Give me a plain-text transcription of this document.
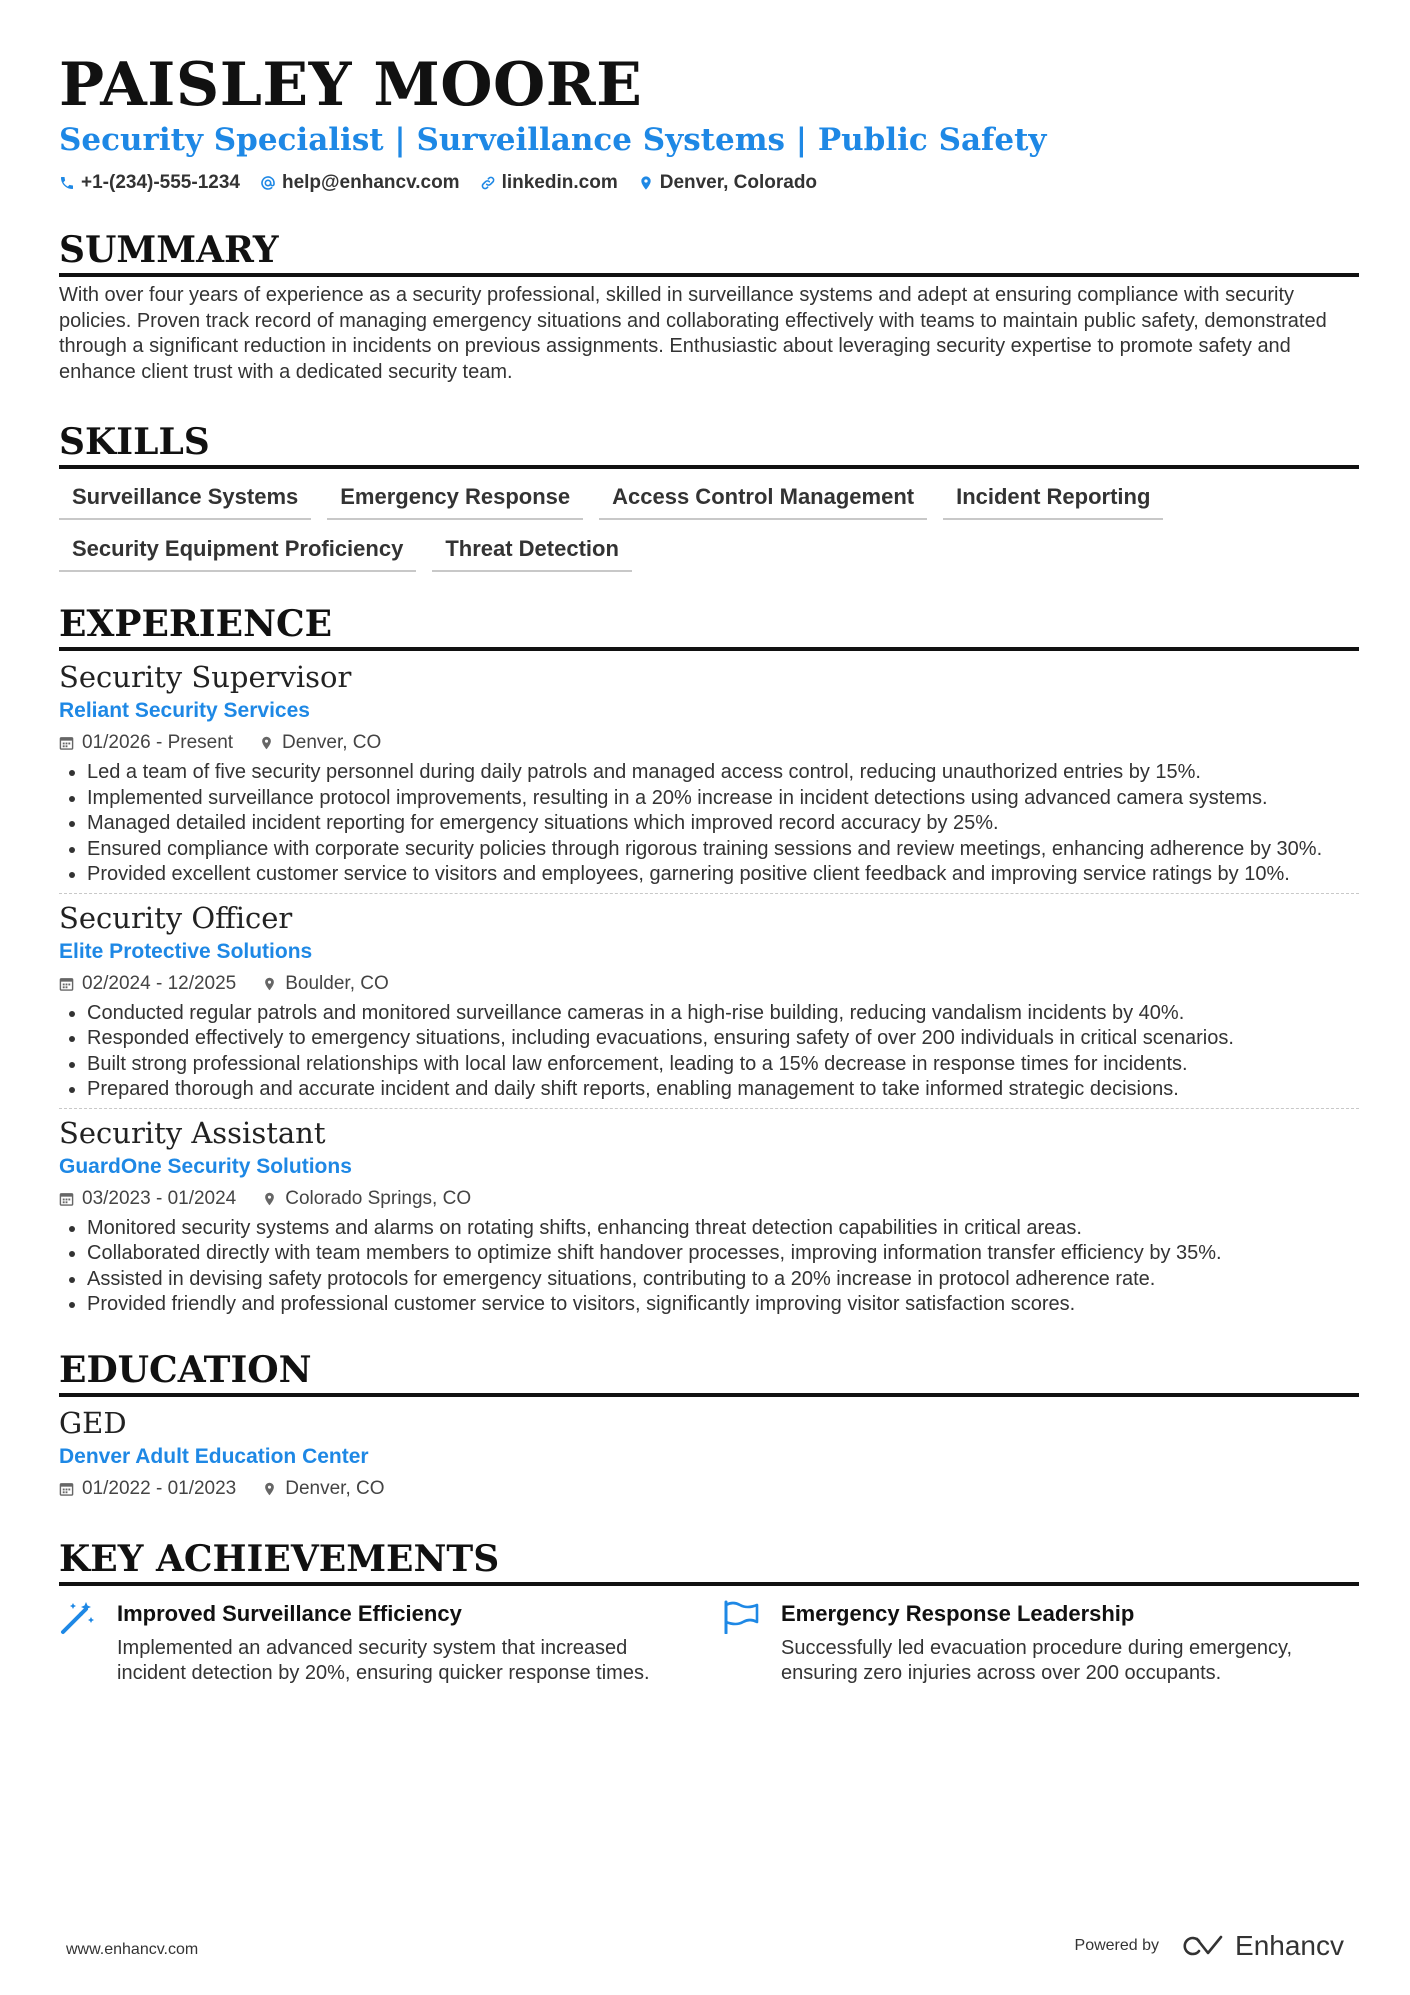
PAISLEY MOORE
Security Specialist | Surveillance Systems | Public Safety
+1-(234)-555-1234 help@enhancv.com linkedin.com Denver, Colorado
SUMMARY
With over four years of experience as a security professional, skilled in surveillance systems and adept at ensuring compliance with security policies. Proven track record of managing emergency situations and collaborating effectively with teams to maintain public safety, demonstrated through a significant reduction in incidents on previous assignments. Enthusiastic about leveraging security expertise to promote safety and enhance client trust with a dedicated security team.
SKILLS
Surveillance Systems	Emergency Response	Access Control Management	Incident Reporting
Security Equipment Proficiency	Threat Detection
EXPERIENCE
Security Supervisor
Reliant Security Services
01/2026 - Present	Denver, CO
• Led a team of five security personnel during daily patrols and managed access control, reducing unauthorized entries by 15%.
• Implemented surveillance protocol improvements, resulting in a 20% increase in incident detections using advanced camera systems.
• Managed detailed incident reporting for emergency situations which improved record accuracy by 25%.
• Ensured compliance with corporate security policies through rigorous training sessions and review meetings, enhancing adherence by 30%.
• Provided excellent customer service to visitors and employees, garnering positive client feedback and improving service ratings by 10%.
Security Officer
Elite Protective Solutions
02/2024 - 12/2025	Boulder, CO
• Conducted regular patrols and monitored surveillance cameras in a high-rise building, reducing vandalism incidents by 40%.
• Responded effectively to emergency situations, including evacuations, ensuring safety of over 200 individuals in critical scenarios.
• Built strong professional relationships with local law enforcement, leading to a 15% decrease in response times for incidents.
• Prepared thorough and accurate incident and daily shift reports, enabling management to take informed strategic decisions.
Security Assistant
GuardOne Security Solutions
03/2023 - 01/2024	Colorado Springs, CO
• Monitored security systems and alarms on rotating shifts, enhancing threat detection capabilities in critical areas.
• Collaborated directly with team members to optimize shift handover processes, improving information transfer efficiency by 35%.
• Assisted in devising safety protocols for emergency situations, contributing to a 20% increase in protocol adherence rate.
• Provided friendly and professional customer service to visitors, significantly improving visitor satisfaction scores.
EDUCATION
GED
Denver Adult Education Center
01/2022 - 01/2023	Denver, CO
KEY ACHIEVEMENTS
Improved Surveillance Efficiency
Implemented an advanced security system that increased incident detection by 20%, ensuring quicker response times.
Emergency Response Leadership
Successfully led evacuation procedure during emergency, ensuring zero injuries across over 200 occupants.
www.enhancv.com	Powered by	Enhancv
